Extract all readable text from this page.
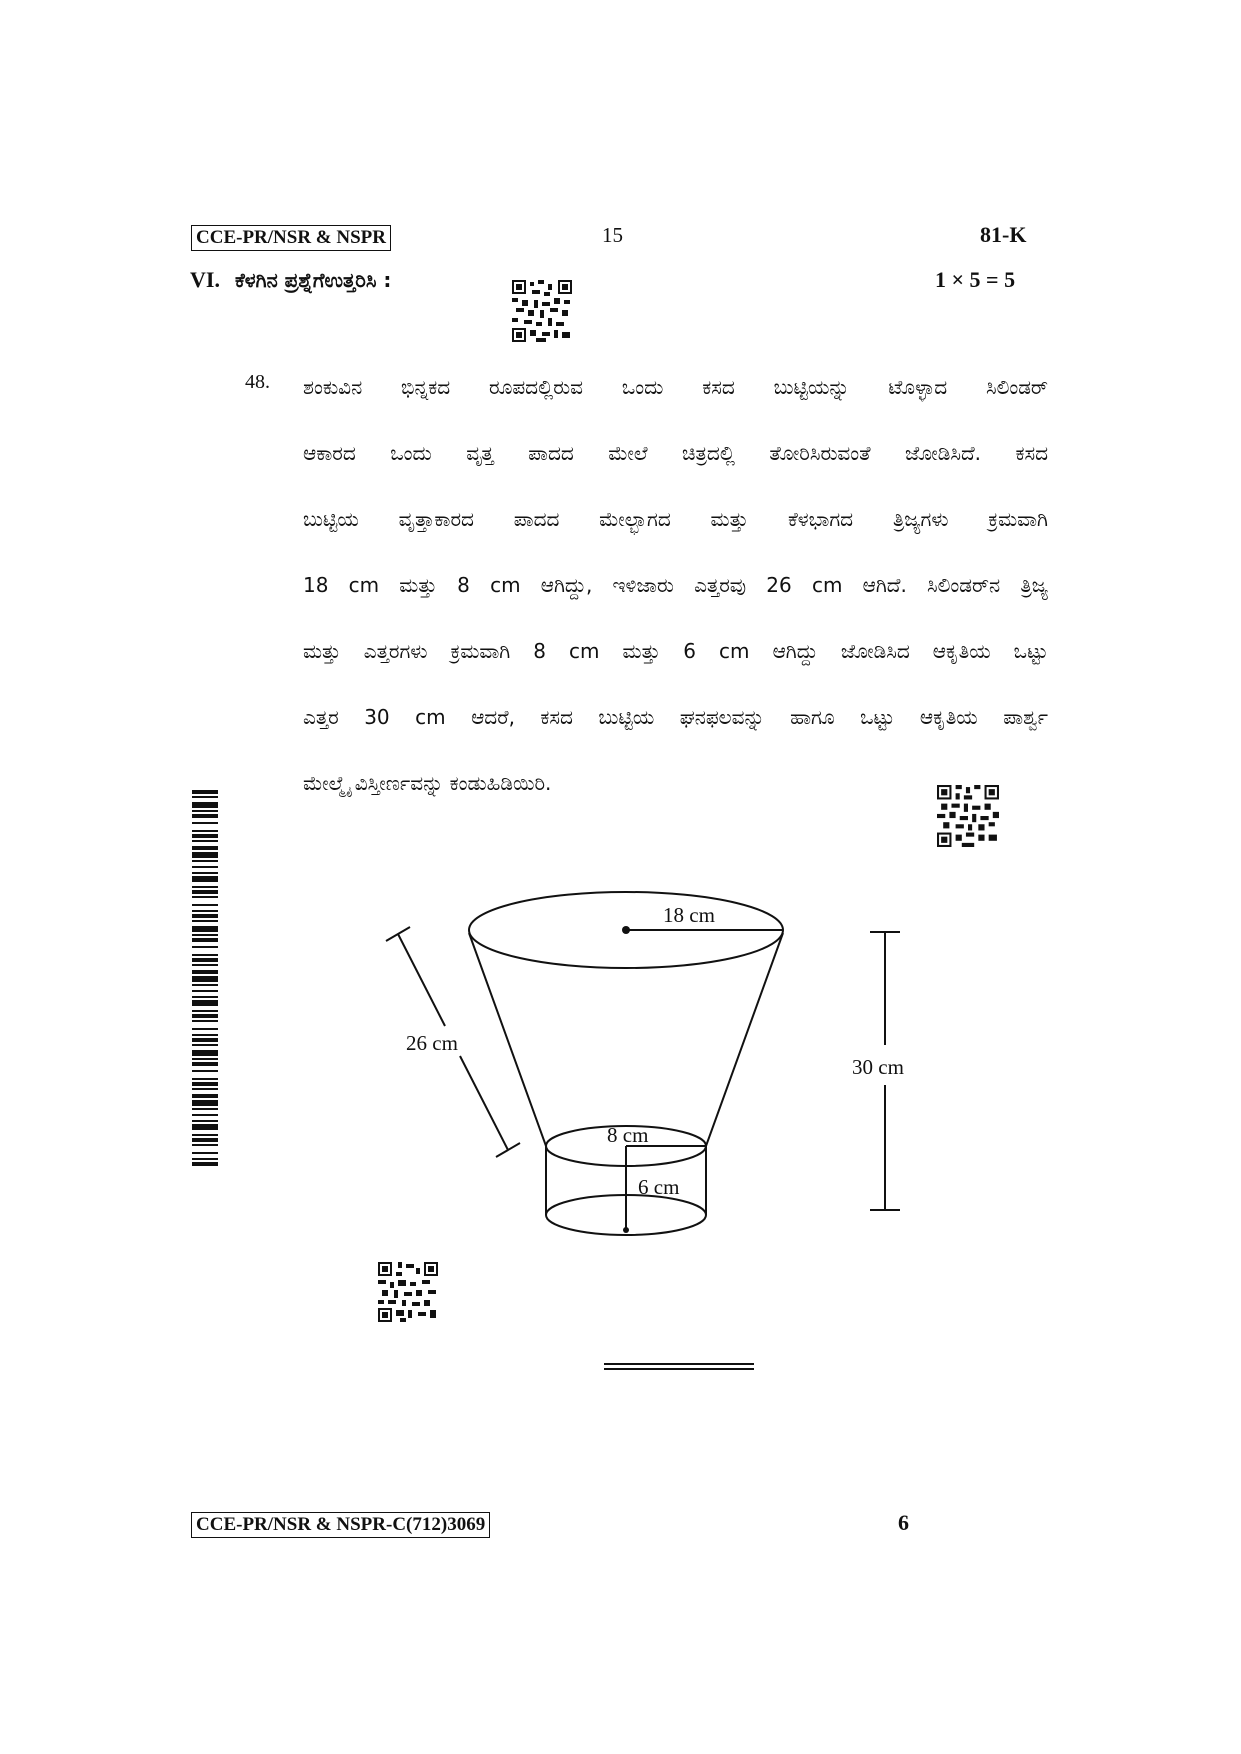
CCE-PR/NSR & NSPR	15	81-K
VI. ಕೆಳಗಿನ ಪ್ರಶ್ನೆಗೆಉತ್ತರಿಸಿ :	1 × 5 = 5
48. ಶಂಕುವಿನ ಭಿನ್ನಕದ ರೂಪದಲ್ಲಿರುವ ಒಂದು ಕಸದ ಬುಟ್ಟಿಯನ್ನು ಟೊಳ್ಳಾದ ಸಿಲಿಂಡರ್
ಆಕಾರದ ಒಂದು ವೃತ್ತ ಪಾದದ ಮೇಲೆ ಚಿತ್ರದಲ್ಲಿ ತೋರಿಸಿರುವಂತೆ ಜೋಡಿಸಿದೆ. ಕಸದ
ಬುಟ್ಟಿಯ ವೃತ್ತಾಕಾರದ ಪಾದದ ಮೇಲ್ಭಾಗದ ಮತ್ತು ಕೆಳಭಾಗದ ತ್ರಿಜ್ಯಗಳು ಕ್ರಮವಾಗಿ
18 cm ಮತ್ತು 8 cm ಆಗಿದ್ದು, ಇಳಿಜಾರು ಎತ್ತರವು 26 cm ಆಗಿದೆ. ಸಿಲಿಂಡರ್‌ನ ತ್ರಿಜ್ಯ
ಮತ್ತು ಎತ್ತರಗಳು ಕ್ರಮವಾಗಿ 8 cm ಮತ್ತು 6 cm ಆಗಿದ್ದು ಜೋಡಿಸಿದ ಆಕೃತಿಯ ಒಟ್ಟು
ಎತ್ತರ 30 cm ಆದರೆ, ಕಸದ ಬುಟ್ಟಿಯ ಘನಫಲವನ್ನು ಹಾಗೂ ಒಟ್ಟು ಆಕೃತಿಯ ಪಾರ್ಶ್ವ
ಮೇಲ್ಮೈ ವಿಸ್ತೀರ್ಣವನ್ನು ಕಂಡುಹಿಡಿಯಿರಿ.
18 cm
26 cm
30 cm
8 cm
6 cm
CCE-PR/NSR & NSPR-C(712)3069	6
